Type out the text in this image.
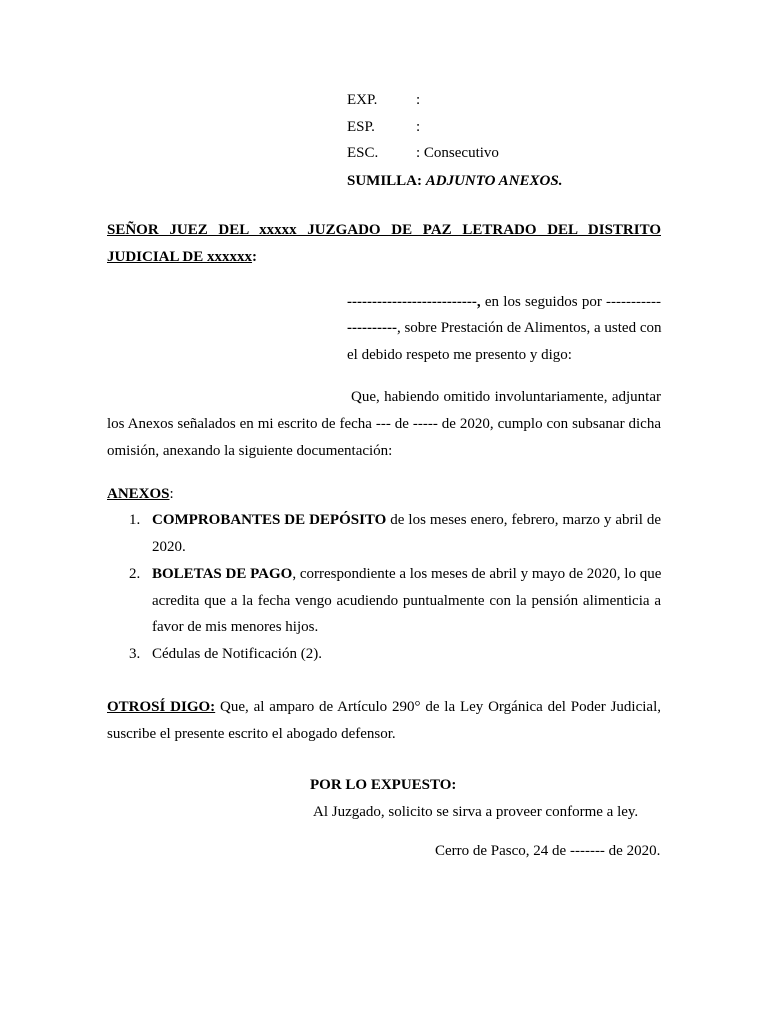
EXP.	:
ESP.	:
ESC.	: Consecutivo
SUMILLA: ADJUNTO ANEXOS.
SEÑOR JUEZ DEL xxxxx JUZGADO DE PAZ LETRADO DEL DISTRITO
JUDICIAL DE xxxxxx:
--------------------------, en los seguidos por -----------
----------, sobre Prestación de Alimentos, a usted con
el debido respeto me presento y digo:
Que, habiendo omitido involuntariamente, adjuntar
los Anexos señalados en mi escrito de fecha --- de ----- de 2020, cumplo con subsanar dicha
omisión, anexando la siguiente documentación:
ANEXOS:
1. COMPROBANTES DE DEPÓSITO de los meses enero, febrero, marzo y abril de
2020.
2. BOLETAS DE PAGO, correspondiente a los meses de abril y mayo de 2020, lo que
acredita que a la fecha vengo acudiendo puntualmente con la pensión alimenticia a
favor de mis menores hijos.
3. Cédulas de Notificación (2).
OTROSÍ DIGO: Que, al amparo de Artículo 290° de la Ley Orgánica del Poder Judicial,
suscribe el presente escrito el abogado defensor.
POR LO EXPUESTO:
Al Juzgado, solicito se sirva a proveer conforme a ley.
Cerro de Pasco, 24 de ------- de 2020.
